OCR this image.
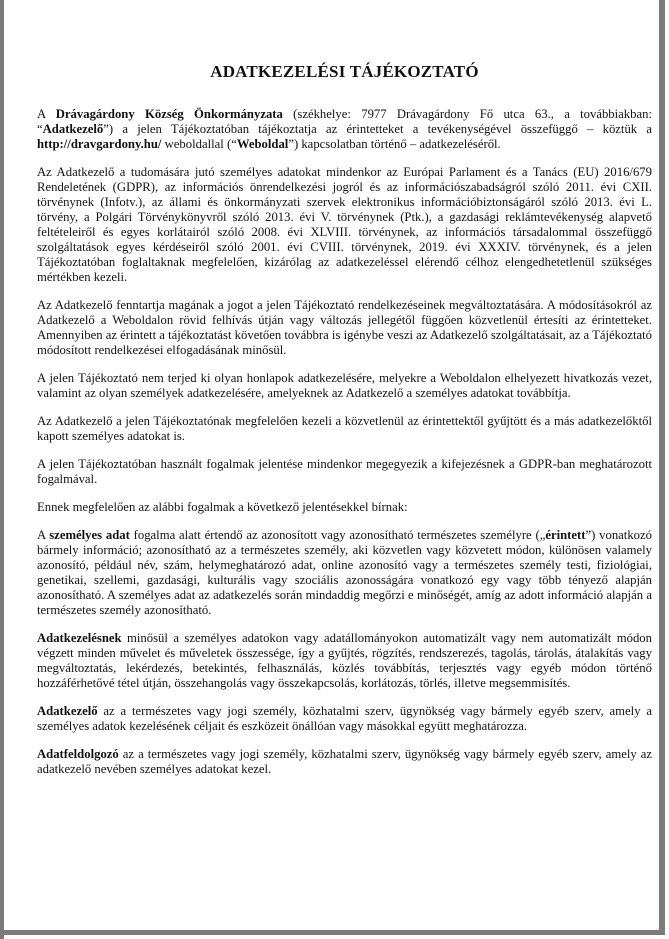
ADATKEZELÉSI TÁJÉKOZTATÓ

A Drávagárdony Község Önkormányzata (székhelye: 7977 Drávagárdony Fő utca 63., a továbbiakban: “Adatkezelő”) a jelen Tájékoztatóban tájékoztatja az érintetteket a tevékenységével összefüggő – köztük a http://dravgardony.hu/ weboldallal (“Weboldal”) kapcsolatban történő – adatkezeléséről.

Az Adatkezelő a tudomására jutó személyes adatokat mindenkor az Európai Parlament és a Tanács (EU) 2016/679 Rendeletének (GDPR), az információs önrendelkezési jogról és az információszabadságról szóló 2011. évi CXII. törvénynek (Infotv.), az állami és önkormányzati szervek elektronikus információbiztonságáról szóló 2013. évi L. törvény, a Polgári Törvénykönyvről szóló 2013. évi V. törvénynek (Ptk.), a gazdasági reklámtevékenység alapvető feltételeiről és egyes korlátairól szóló 2008. évi XLVIII. törvénynek, az információs társadalommal összefüggő szolgáltatások egyes kérdéseiről szóló 2001. évi CVIII. törvénynek, 2019. évi XXXIV. törvénynek, és a jelen Tájékoztatóban foglaltaknak megfelelően, kizárólag az adatkezeléssel elérendő célhoz elengedhetetlenül szükséges mértékben kezeli.

Az Adatkezelő fenntartja magának a jogot a jelen Tájékoztató rendelkezéseinek megváltoztatására. A módosításokról az Adatkezelő a Weboldalon rövid felhívás útján vagy változás jellegétől függően közvetlenül értesíti az érintetteket. Amennyiben az érintett a tájékoztatást követően továbbra is igénybe veszi az Adatkezelő szolgáltatásait, az a Tájékoztató módosított rendelkezései elfogadásának minősül.

A jelen Tájékoztató nem terjed ki olyan honlapok adatkezelésére, melyekre a Weboldalon elhelyezett hivatkozás vezet, valamint az olyan személyek adatkezelésére, amelyeknek az Adatkezelő a személyes adatokat továbbítja.

Az Adatkezelő a jelen Tájékoztatónak megfelelően kezeli a közvetlenül az érintettektől gyűjtött és a más adatkezelőktől kapott személyes adatokat is.

A jelen Tájékoztatóban használt fogalmak jelentése mindenkor megegyezik a kifejezésnek a GDPR-ban meghatározott fogalmával.

Ennek megfelelően az alábbi fogalmak a következő jelentésekkel bírnak:

A személyes adat fogalma alatt értendő az azonosított vagy azonosítható természetes személyre („érintett”) vonatkozó bármely információ; azonosítható az a természetes személy, aki közvetlen vagy közvetett módon, különösen valamely azonosító, például név, szám, helymeghatározó adat, online azonosító vagy a természetes személy testi, fiziológiai, genetikai, szellemi, gazdasági, kulturális vagy szociális azonosságára vonatkozó egy vagy több tényező alapján azonosítható. A személyes adat az adatkezelés során mindaddig megőrzi e minőségét, amíg az adott információ alapján a természetes személy azonosítható.

Adatkezelésnek minősül a személyes adatokon vagy adatállományokon automatizált vagy nem automatizált módon végzett minden művelet és műveletek összessége, így a gyűjtés, rögzítés, rendszerezés, tagolás, tárolás, átalakítás vagy megváltoztatás, lekérdezés, betekintés, felhasználás, közlés továbbítás, terjesztés vagy egyéb módon történő hozzáférhetővé tétel útján, összehangolás vagy összekapcsolás, korlátozás, törlés, illetve megsemmisítés.

Adatkezelő az a természetes vagy jogi személy, közhatalmi szerv, ügynökség vagy bármely egyéb szerv, amely a személyes adatok kezelésének céljait és eszközeit önállóan vagy másokkal együtt meghatározza.

Adatfeldolgozó az a természetes vagy jogi személy, közhatalmi szerv, ügynökség vagy bármely egyéb szerv, amely az adatkezelő nevében személyes adatokat kezel.
